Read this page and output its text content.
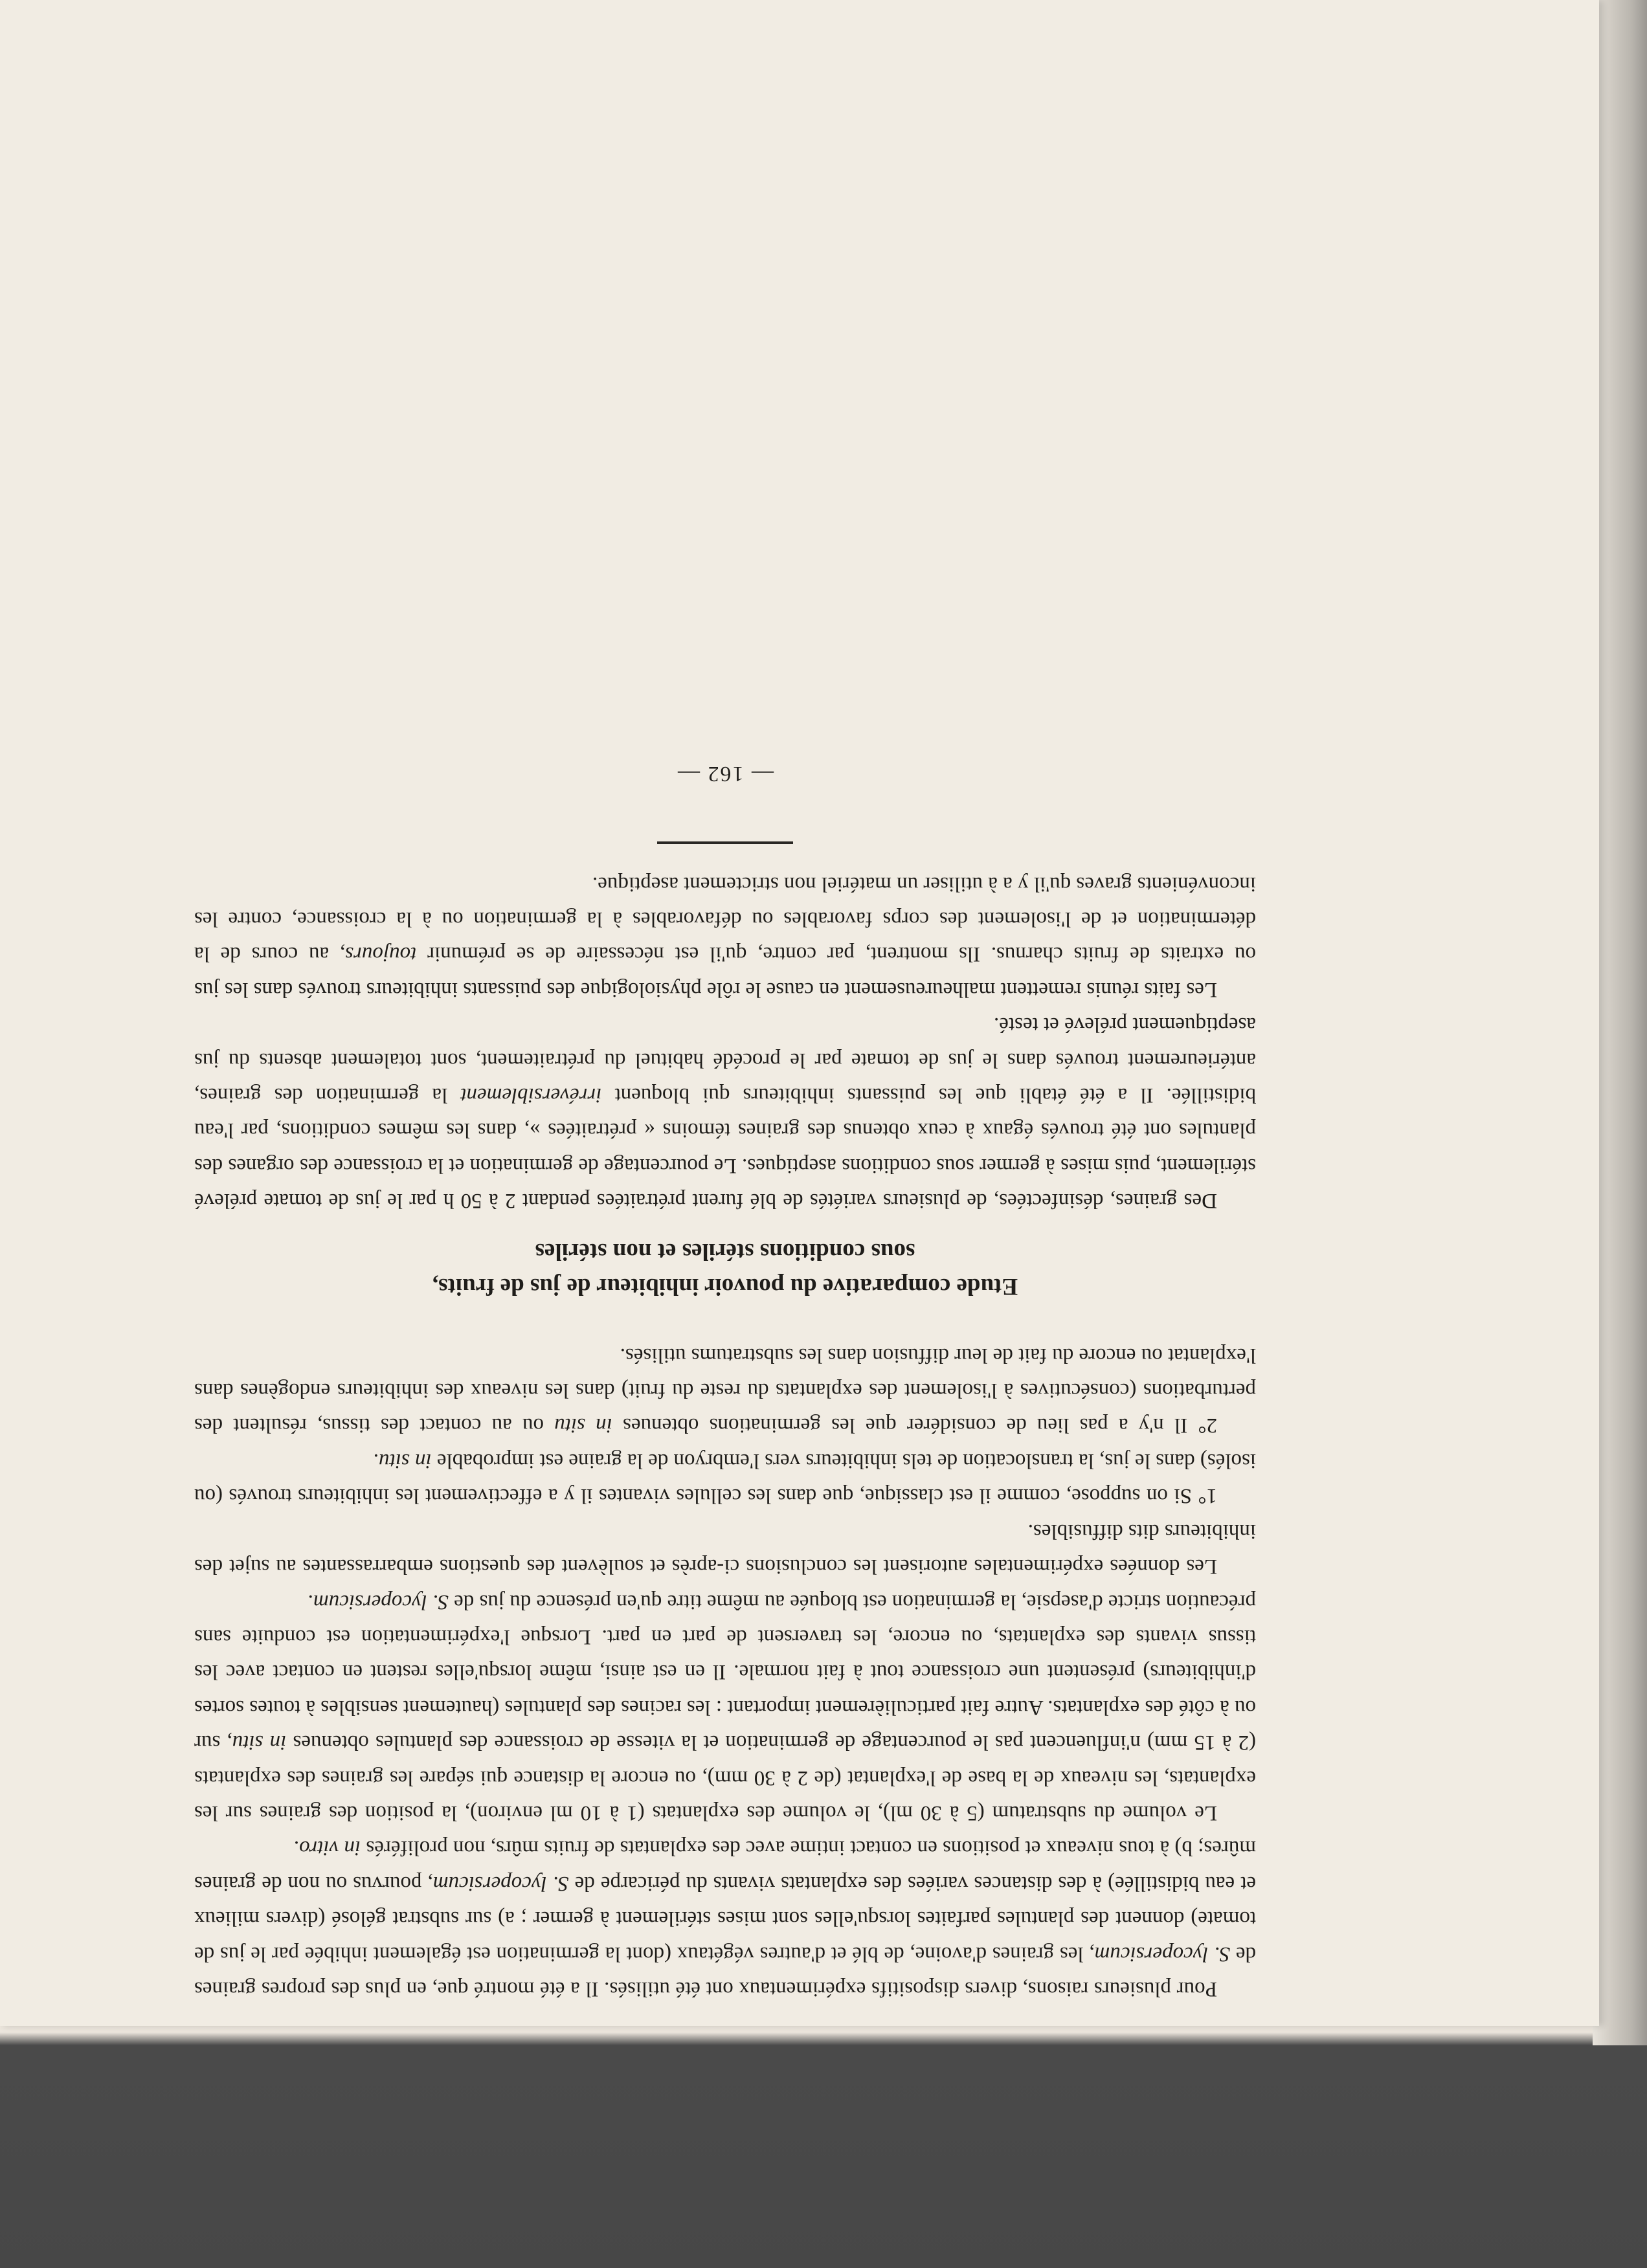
Pour plusieurs raisons, divers dispositifs expérimentaux ont été utilisés. Il a été montré que, en plus des propres graines de S. lycopersicum, les graines d'avoine, de blé et d'autres végétaux (dont la germination est également inhibée par le jus de tomate) donnent des plantules parfaites lorsqu'elles sont mises stérilement à germer ; a) sur substrat gélosé (divers milieux et eau bidistillée) à des distances variées des explantats vivants du péricarpe de S. lycopersicum, pourvus ou non de graines mûres; b) à tous niveaux et positions en contact intime avec des explantats de fruits mûrs, non proliférés in vitro.

Le volume du substratum (5 à 30 ml), le volume des explantats (1 à 10 ml environ), la position des graines sur les explantats, les niveaux de la base de l'explantat (de 2 à 30 mm), ou encore la distance qui sépare les graines des explantats (2 à 15 mm) n'influencent pas le pourcentage de germination et la vitesse de croissance des plantules obtenues in situ, sur ou à côté des explantats. Autre fait particulièrement important : les racines des plantules (hautement sensibles à toutes sortes d'inhibiteurs) présentent une croissance tout à fait normale. Il en est ainsi, même lorsqu'elles restent en contact avec les tissus vivants des explantats, ou encore, les traversent de part en part. Lorsque l'expérimentation est conduite sans précaution stricte d'asepsie, la germination est bloquée au même titre qu'en présence du jus de S. lycopersicum.

Les données expérimentales autorisent les conclusions ci-après et soulèvent des questions embarrassantes au sujet des inhibiteurs dits diffusibles.

1° Si on suppose, comme il est classique, que dans les cellules vivantes il y a effectivement les inhibiteurs trouvés (ou isolés) dans le jus, la translocation de tels inhibiteurs vers l'embryon de la graine est improbable in situ.

2° Il n'y a pas lieu de considérer que les germinations obtenues in situ ou au contact des tissus, résultent des perturbations (consécutives à l'isolement des explantats du reste du fruit) dans les niveaux des inhibiteurs endogènes dans l'explantat ou encore du fait de leur diffusion dans les substratums utilisés.

Etude comparative du pouvoir inhibiteur de jus de fruits,
sous conditions stériles et non stériles

Des graines, désinfectées, de plusieurs variétés de blé furent prétraitées pendant 2 à 50 h par le jus de tomate prélevé stérilement, puis mises à germer sous conditions aseptiques. Le pourcentage de germination et la croissance des organes des plantules ont été trouvés égaux à ceux obtenus des graines témoins « prétraitées », dans les mêmes conditions, par l'eau bidistillée. Il a été établi que les puissants inhibiteurs qui bloquent irréversiblement la germination des graines, antérieurement trouvés dans le jus de tomate par le procédé habituel du prétraitement, sont totalement absents du jus aseptiquement prélevé et testé.

Les faits réunis remettent malheureusement en cause le rôle physiologique des puissants inhibiteurs trouvés dans les jus ou extraits de fruits charnus. Ils montrent, par contre, qu'il est nécessaire de se prémunir toujours, au cours de la détermination et de l'isolement des corps favorables ou défavorables à la germination ou à la croissance, contre les inconvénients graves qu'il y a à utiliser un matériel non strictement aseptique.

— 162 —
